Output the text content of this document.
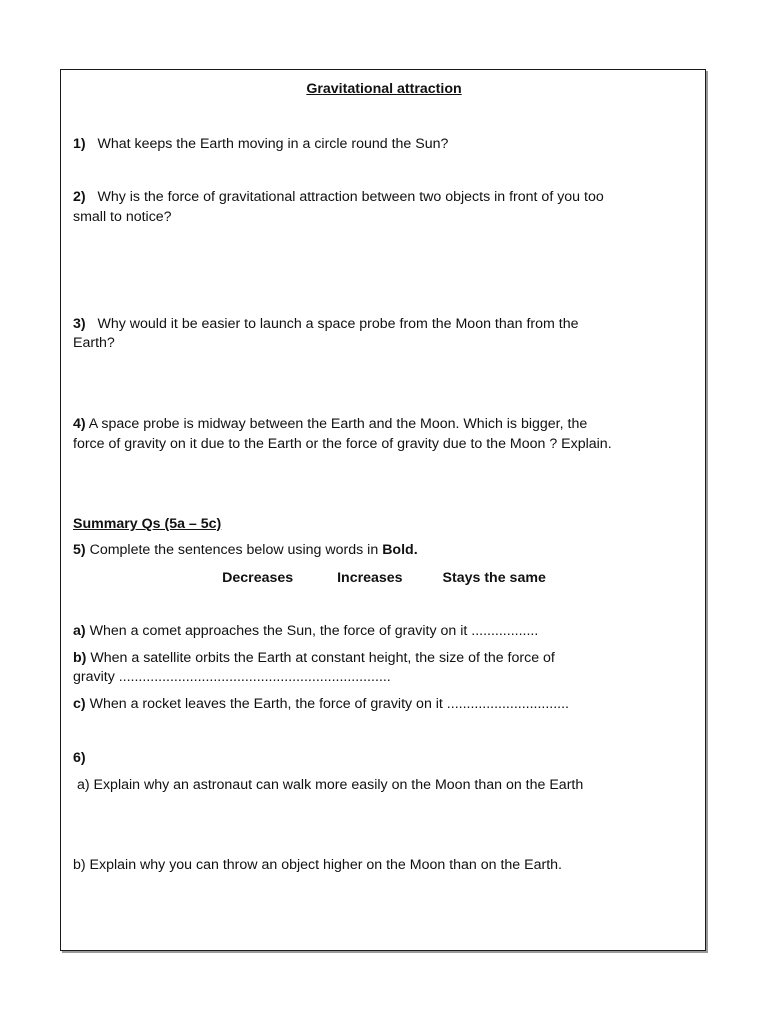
Gravitational attraction

1) What keeps the Earth moving in a circle round the Sun?

2) Why is the force of gravitational attraction between two objects in front of you too

small to notice?

3) Why would it be easier to launch a space probe from the Moon than from the

Earth?

4) A space probe is midway between the Earth and the Moon. Which is bigger, the

force of gravity on it due to the Earth or the force of gravity due to the Moon ? Explain.

Summary Qs (5a – 5c)

5) Complete the sentences below using words in Bold.

Decreases	Increases	Stays the same

a) When a comet approaches the Sun, the force of gravity on it .................

b) When a satellite orbits the Earth at constant height, the size of the force of

gravity .....................................................................

c) When a rocket leaves the Earth, the force of gravity on it ...............................

6)

a) Explain why an astronaut can walk more easily on the Moon than on the Earth

b) Explain why you can throw an object higher on the Moon than on the Earth.
